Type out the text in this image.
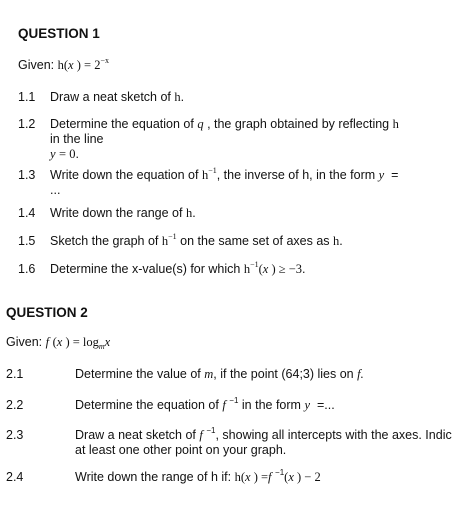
QUESTION 1
Given: h(x ) = $2^{-x}$
1.1 Draw a neat sketch of h.
1.2 Determine the equation of q , the graph obtained by reflecting h
in the line
y = 0.
1.3 Write down the equation of $h^{-1}$, the inverse of h, in the form y  =
...
1.4 Write down the range of h.
1.5 Sketch the graph of $h^{-1}$ on the same set of axes as h.
1.6 Determine the x-value(s) for which $h^{-1}(x$ ) ≥ −3.
QUESTION 2
Given: f (x ) = $\log_mx$
2.1	Determine the value of m, if the point (64;3) lies on f.
2.2	Determine the equation of f $^{-1}$ in the form y  =...
2.3	Draw a neat sketch of f $^{-1}$, showing all intercepts with the axes. Indic
at least one other point on your graph.
2.4	Write down the range of h if: h(x ) =f $^{-1}$(x ) − 2
